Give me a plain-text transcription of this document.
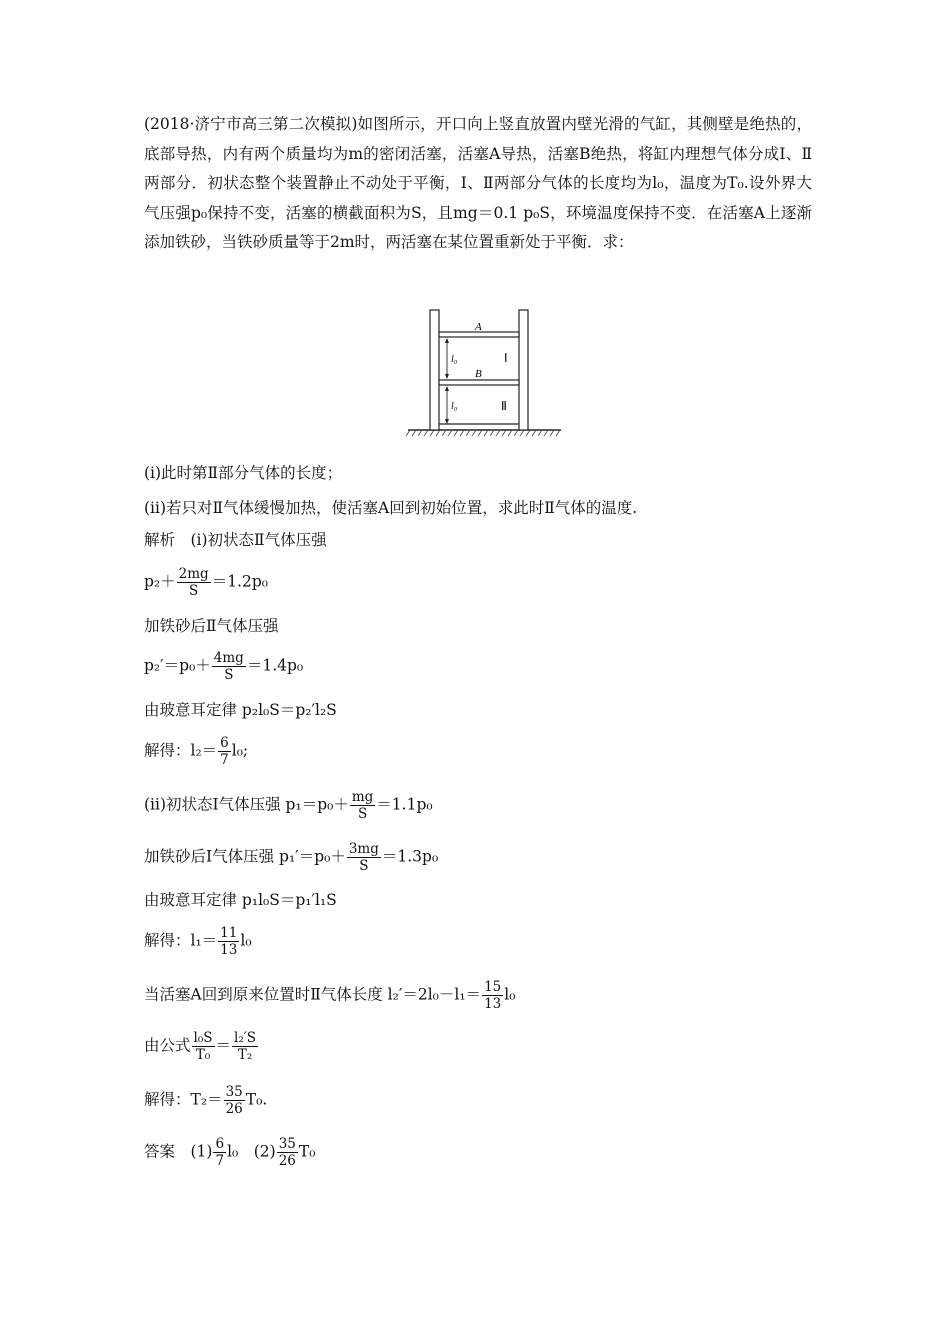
(2018·济宁市高三第二次模拟)如图所示，开口向上竖直放置内壁光滑的气缸，其侧壁是绝热的，底部导热，内有两个质量均为m的密闭活塞，活塞A导热，活塞B绝热，将缸内理想气体分成Ⅰ、Ⅱ两部分．初状态整个装置静止不动处于平衡，Ⅰ、Ⅱ两部分气体的长度均为l₀，温度为T₀.设外界大气压强p₀保持不变，活塞的横截面积为S，且mg＝0.1 p₀S，环境温度保持不变．在活塞A上逐渐添加铁砂，当铁砂质量等于2m时，两活塞在某位置重新处于平衡．求：

A
B
l₀
l₀
Ⅰ
Ⅱ
(ⅰ)此时第Ⅱ部分气体的长度；
(ⅱ)若只对Ⅱ气体缓慢加热，使活塞A回到初始位置，求此时Ⅱ气体的温度.
解析　(ⅰ)初状态Ⅱ气体压强
$p_2+ \frac{2mg}{S} =1.2p_0$
加铁砂后Ⅱ气体压强
$p_2'=p_0+ \frac{4mg}{S} =1.4p_0$
由玻意耳定律 p₂l₀S＝p₂′l₂S
解得：$l_2= \frac{6}{7} l_0$;
(ⅱ)初状态Ⅰ气体压强 $p_1=p_0+ \frac{mg}{S} =1.1p_0$
加铁砂后Ⅰ气体压强 $p_1'=p_0+ \frac{3mg}{S} =1.3p_0$
由玻意耳定律 p₁l₀S＝p₁′l₁S
解得：$l_1= \frac{11}{13} l_0$
当活塞A回到原来位置时Ⅱ气体长度 $l_2'=2l_0-l_1= \frac{15}{13} l_0$
由公式 $\frac{\text{l₀S}}{\text{T₀}} = \frac{\text{l₂′S}}{\text{T₂}}$
解得：$T_2= \frac{35}{26} T_0$.
答案　$(1) \frac{6}{7} l_0$　$(2) \frac{35}{26} T_0$
